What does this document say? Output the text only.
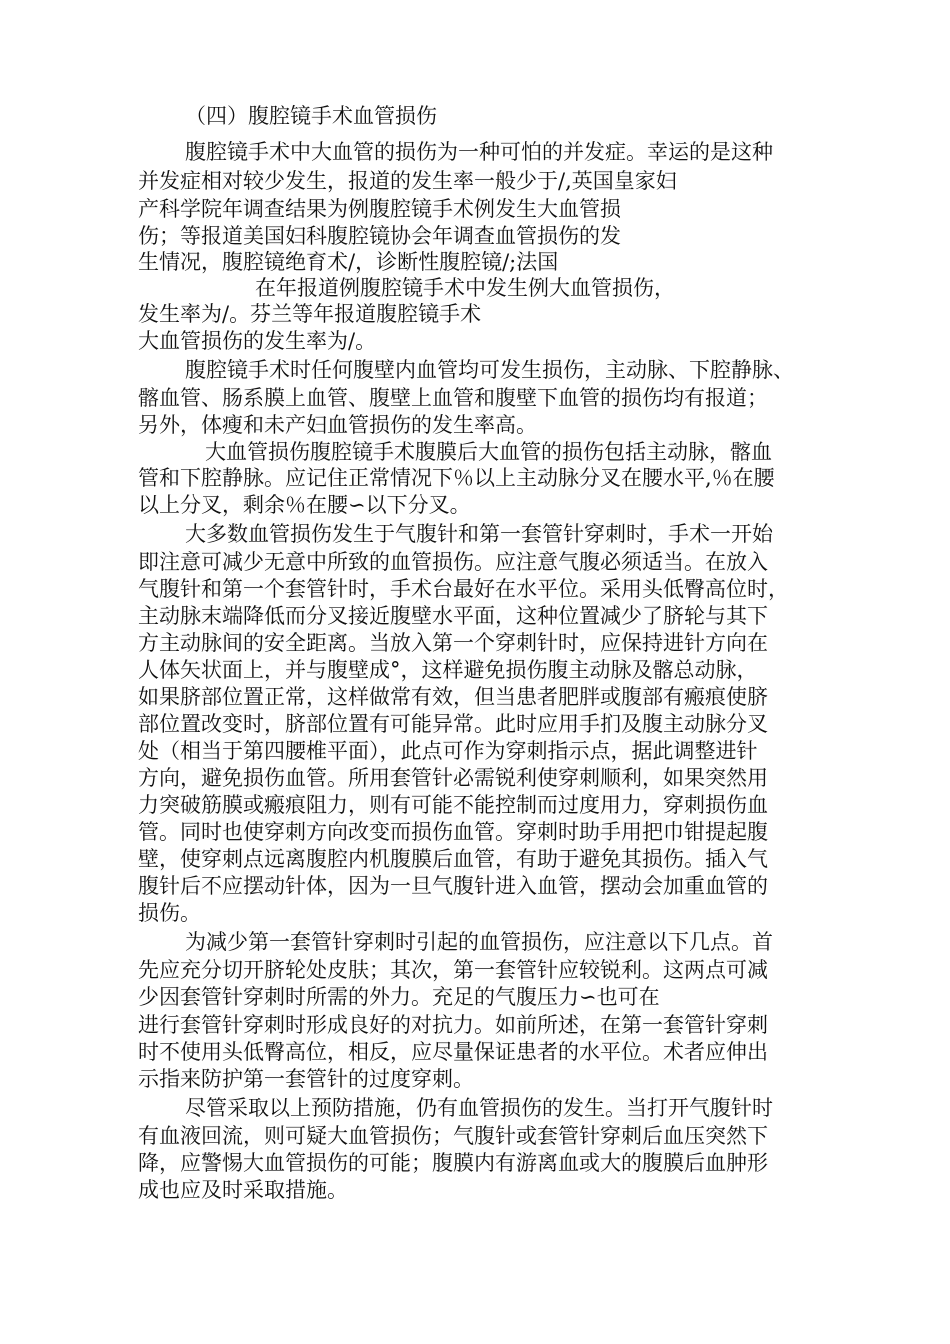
（四）腹腔镜手术血管损伤
腹腔镜手术中大血管的损伤为一种可怕的并发症。幸运的是这种
并发症相对较少发生，报道的发生率一般少于/,英国皇家妇
产科学院年调查结果为例腹腔镜手术例发生大血管损
伤；等报道美国妇科腹腔镜协会年调查血管损伤的发
生情况，腹腔镜绝育术/，诊断性腹腔镜/;法国
在年报道例腹腔镜手术中发生例大血管损伤，
发生率为/。芬兰等年报道腹腔镜手术
大血管损伤的发生率为/。
腹腔镜手术时任何腹壁内血管均可发生损伤，主动脉、下腔静脉、
髂血管、肠系膜上血管、腹壁上血管和腹壁下血管的损伤均有报道；
另外，体瘦和未产妇血管损伤的发生率高。
大血管损伤腹腔镜手术腹膜后大血管的损伤包括主动脉，髂血
管和下腔静脉。应记住正常情况下％以上主动脉分叉在腰水平,％在腰
以上分叉，剩余％在腰∽以下分叉。
大多数血管损伤发生于气腹针和第一套管针穿刺时，手术一开始
即注意可减少无意中所致的血管损伤。应注意气腹必须适当。在放入
气腹针和第一个套管针时，手术台最好在水平位。采用头低臀高位时，
主动脉末端降低而分叉接近腹壁水平面，这种位置减少了脐轮与其下
方主动脉间的安全距离。当放入第一个穿刺针时，应保持进针方向在
人体矢状面上，并与腹壁成°，这样避免损伤腹主动脉及髂总动脉，
如果脐部位置正常，这样做常有效，但当患者肥胖或腹部有瘢痕使脐
部位置改变时，脐部位置有可能异常。此时应用手扪及腹主动脉分叉
处（相当于第四腰椎平面），此点可作为穿刺指示点，据此调整进针
方向，避免损伤血管。所用套管针必需锐利使穿刺顺利，如果突然用
力突破筋膜或瘢痕阻力，则有可能不能控制而过度用力，穿刺损伤血
管。同时也使穿刺方向改变而损伤血管。穿刺时助手用把巾钳提起腹
壁，使穿刺点远离腹腔内机腹膜后血管，有助于避免其损伤。插入气
腹针后不应摆动针体，因为一旦气腹针进入血管，摆动会加重血管的
损伤。
为减少第一套管针穿刺时引起的血管损伤，应注意以下几点。首
先应充分切开脐轮处皮肤；其次，第一套管针应较锐利。这两点可减
少因套管针穿刺时所需的外力。充足的气腹压力∽也可在
进行套管针穿刺时形成良好的对抗力。如前所述，在第一套管针穿刺
时不使用头低臀高位，相反，应尽量保证患者的水平位。术者应伸出
示指来防护第一套管针的过度穿刺。
尽管采取以上预防措施，仍有血管损伤的发生。当打开气腹针时
有血液回流，则可疑大血管损伤；气腹针或套管针穿刺后血压突然下
降，应警惕大血管损伤的可能；腹膜内有游离血或大的腹膜后血肿形
成也应及时采取措施。
